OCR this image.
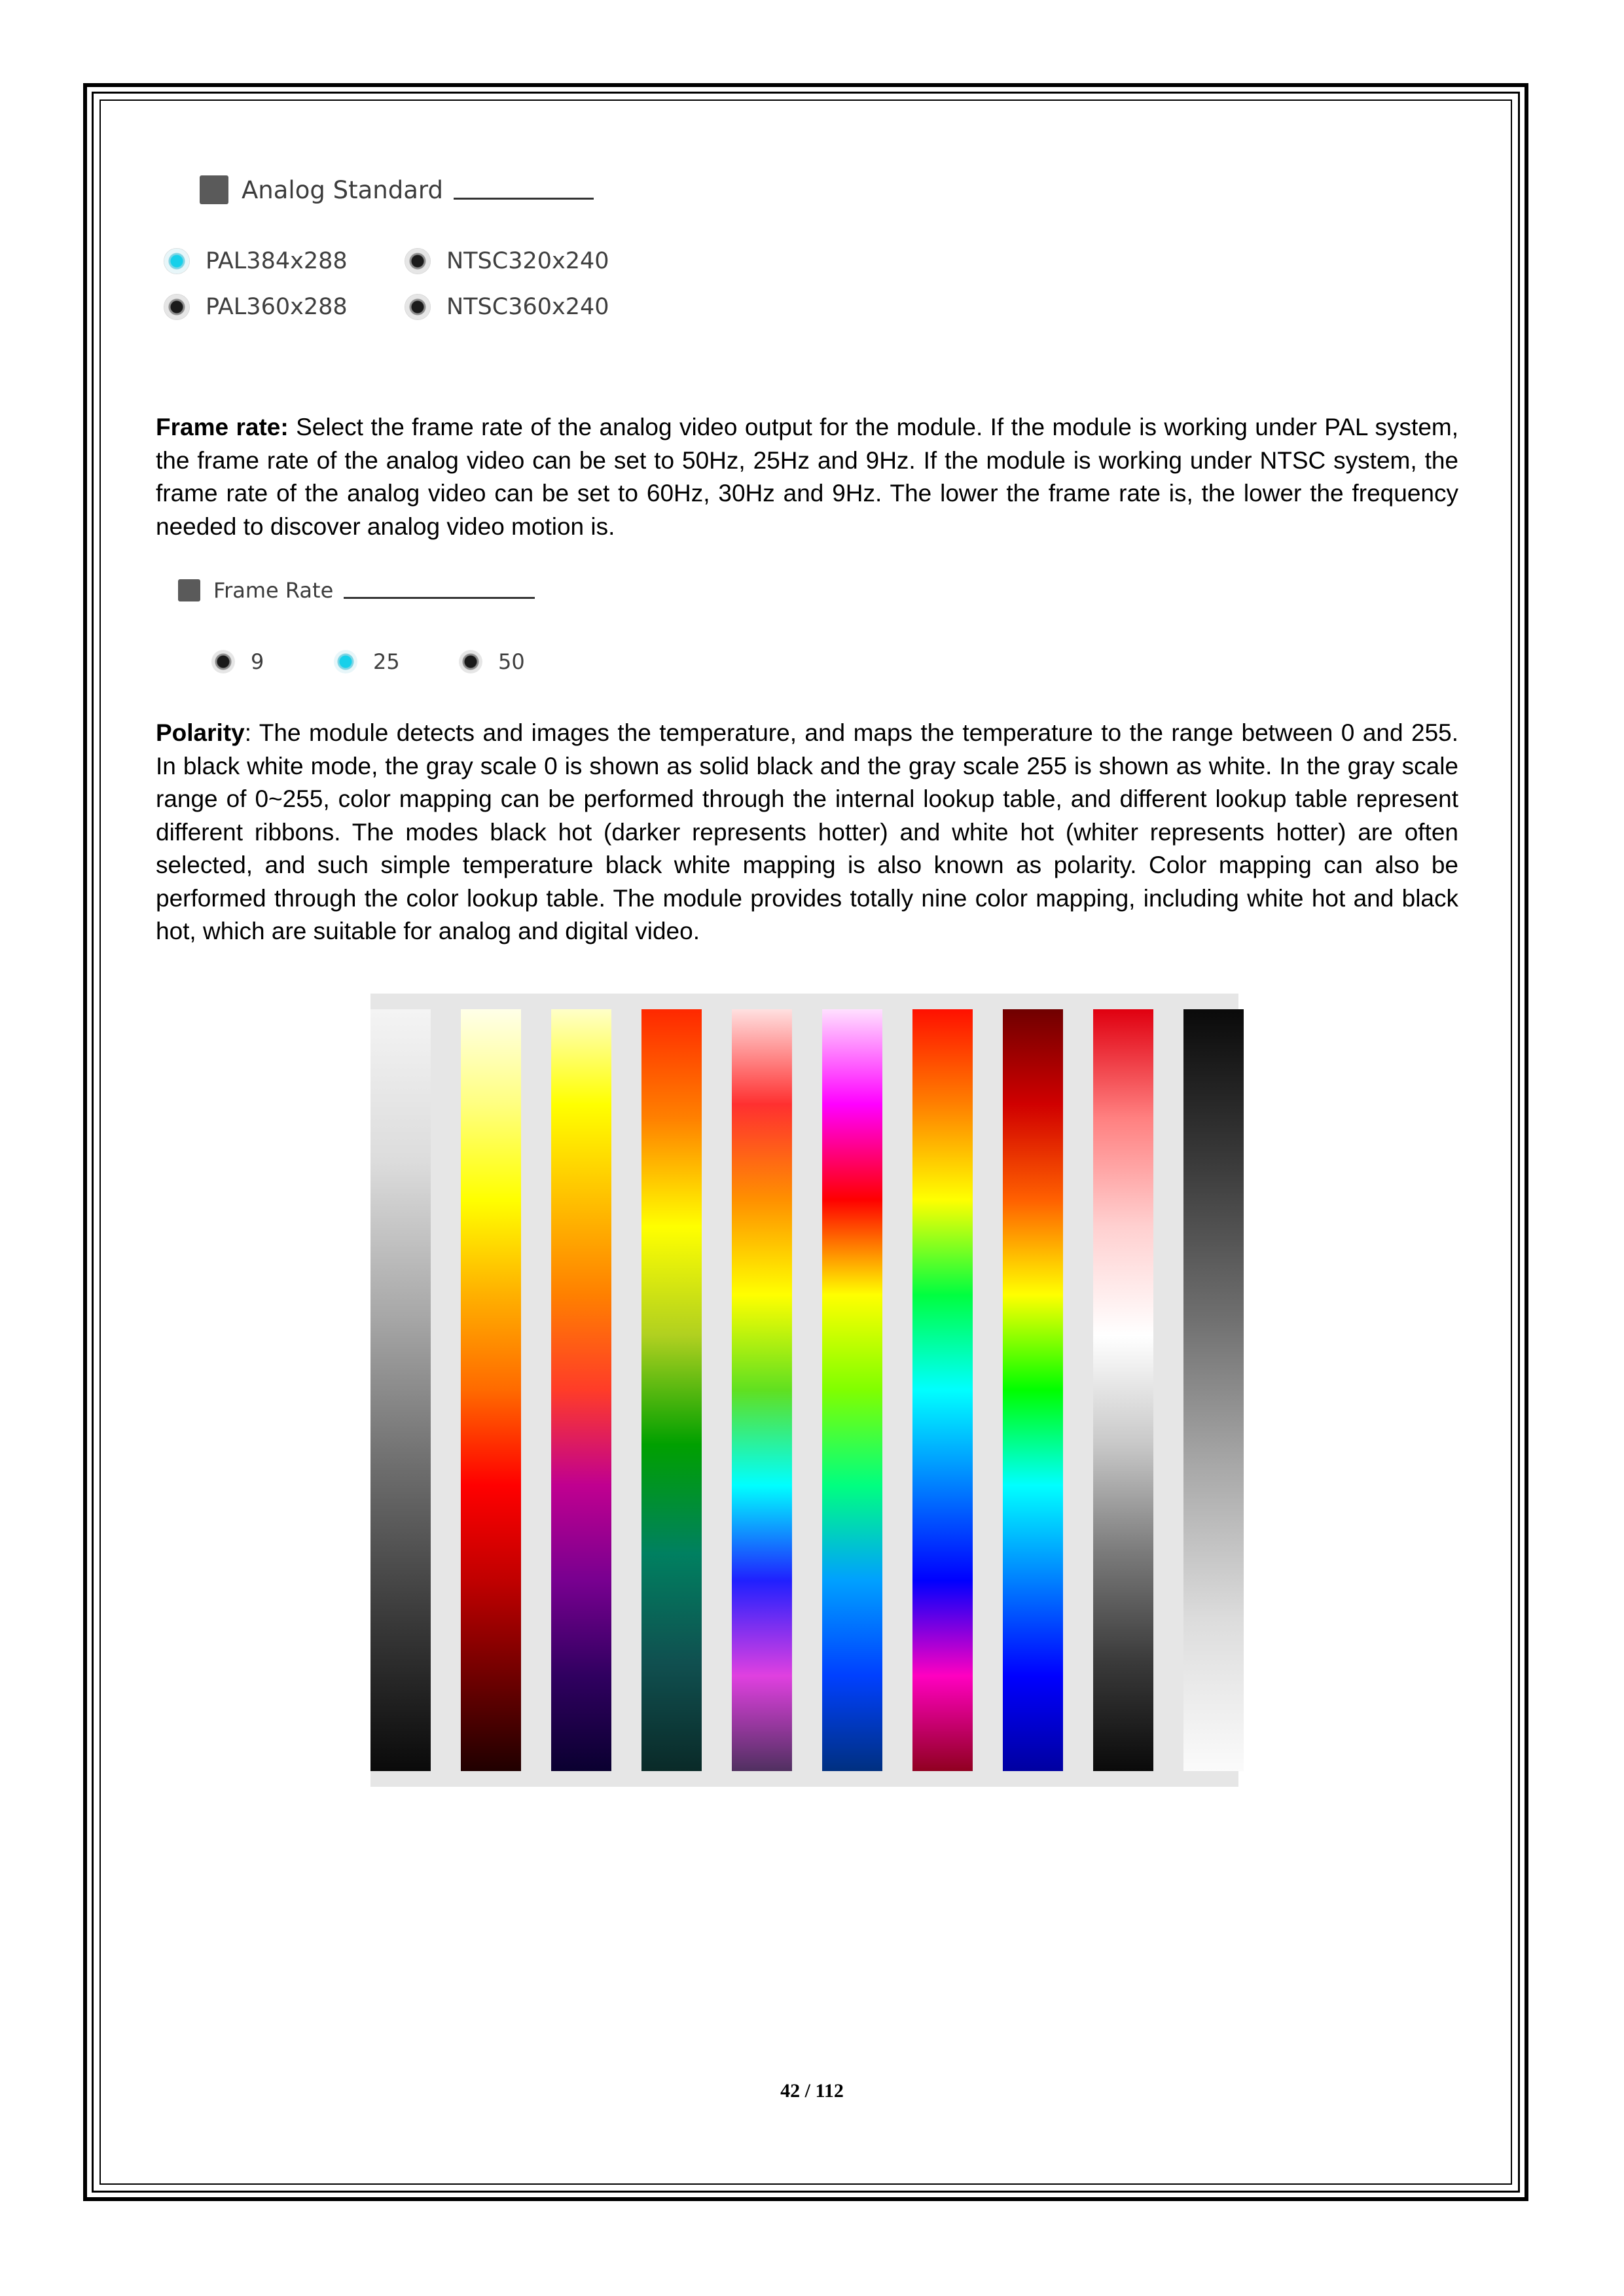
Analog Standard
PAL384x288	NTSC320x240
PAL360x288	NTSC360x240
Frame rate: Select the frame rate of the analog video output for the module. If the module is working under PAL system, the frame rate of the analog video can be set to 50Hz, 25Hz and 9Hz. If the module is working under NTSC system, the frame rate of the analog video can be set to 60Hz, 30Hz and 9Hz. The lower the frame rate is, the lower the frequency needed to discover analog video motion is.
Frame Rate
9	25	50
Polarity: The module detects and images the temperature, and maps the temperature to the range between 0 and 255. In black white mode, the gray scale 0 is shown as solid black and the gray scale 255 is shown as white. In the gray scale range of 0~255, color mapping can be performed through the internal lookup table, and different lookup table represent different ribbons. The modes black hot (darker represents hotter) and white hot (whiter represents hotter) are often selected, and such simple temperature black white mapping is also known as polarity. Color mapping can also be performed through the color lookup table. The module provides totally nine color mapping, including white hot and black hot, which are suitable for analog and digital video.
42 / 112
